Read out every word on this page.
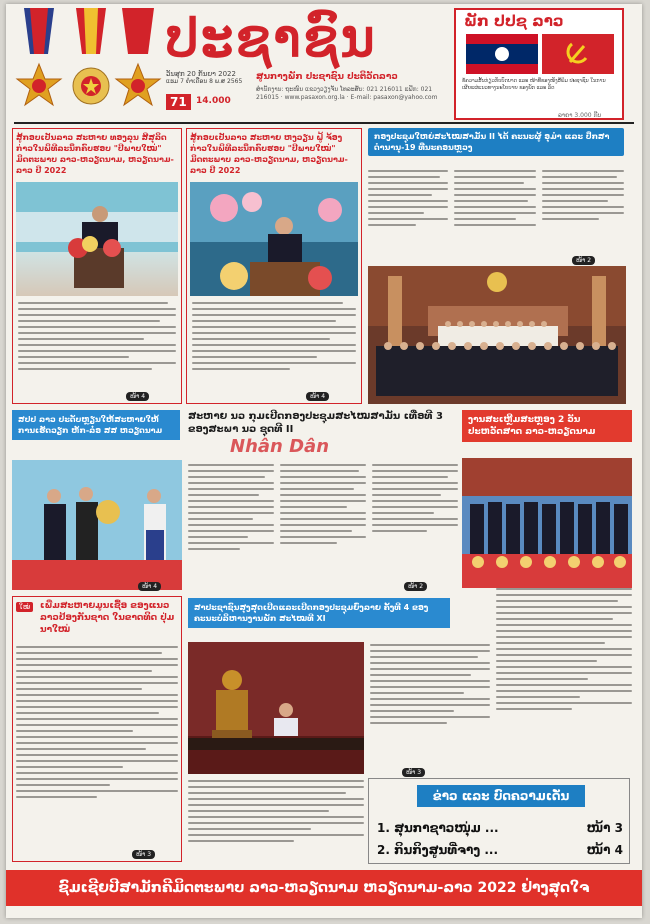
ປະຊາຊົນ
ວັນສຸກ 20 ກັນຍາ 2022
ແຮມ 7 ຄ່ຳເດືອນ 8 ພ.ສ 2565
71	14.000
ສູນກາງພັກ ປະຊາຊົນ ປະຕິວັດລາວ
ສຳນັກງານ: ຖະໜົນ ແຂວງວຽງຈັນ ໂທລະສັບ: 021 216011 ແຟັກ: 021 216015 · www.pasaxon.org.la · E-mail: pasaxon@yahoo.com
ພັກ ປປຊ ລາວ
ຂໍ້ຄວາມສັ້ນກ່ຽວກັບບົດບາດ ແລະ ໜ້າທີ່ຂອງໜັງສືພິມ ປະຊາຊົນ ໃນການເຜີຍແຜ່ແນວທາງນະໂຍບາຍ ຂອງພັກ ແລະ ລັດ
ລາຄາ 3.000 ກີບ
ສູ້ກອບເປັນລາວ ສະຫາຍ ທອງລຸນ ສີສຸລິດ ກ່າວໃນພິທີລະນຶກຄົບຮອບ "ປີພາບໃໝ່" ມິດຕະພາບ ລາວ-ຫວຽດນາມ, ຫວຽດນາມ-ລາວ ປີ 2022
ໜ້າ 4
ສູ້ກອບເປັນລາວ ສະຫາຍ ຫງວຽນ ຝູ້ ຈ້ອງ ກ່າວໃນພິທີລະນຶກຄົບຮອບ "ປີພາບໃໝ່" ມິດຕະພາບ ລາວ-ຫວຽດນາມ, ຫວຽດນາມ-ລາວ ປີ 2022
ໜ້າ 4
ກອງປະຊຸມໃຫຍ່ສະໄໝສາມັນ II ໄດ້ ຄະນະຜູ້ ອຸມໍາ ແລະ ປຶກສາດຳນານຸ-19 ທີ່ນະຄອນຫຼວງ
ໜ້າ 2
ສປປ ລາວ ປະດັບຫຼຽນໃຫ້ສະຫາຍໃຫ້ ການເຮັດວຽກ ຫັກ-ລ໋ອ ສສ ຫວຽດນາມ
ໜ້າ 4
ສະຫາຍ ນວ ກຸມເປີດກອງປະຊຸມສະໄໝສາມັນ ເທື່ອທີ 3 ຂອງສະພາ ນວ ຊຸດທີ II
Nhân Dân
ໜ້າ 2
ງານສະເຫຼີມສະຫຼອງ 2 ວັນ ປະຫວັດສາດ ລາວ-ຫວຽດນາມ
ໃໝ່	ເພີ່ມສະຫາຍມູນເຊື້ອ ຂອງແນວລາວປ້ອງກັນຊາດ ໃນຂາດທິດ ປຸ່ມນາໃໝ່
ໜ້າ 3
ສາປະຊາຊົນສຸງສຸດເປີດແລະເປີດກອງປະຊຸມຍົ່ງລາຍ ຄັ້ງທີ 4 ຂອງຄະນະບໍລິຫານງານພັກ ສະໄໝທີ XI
ໜ້າ 3
ຂ່າວ ແລະ ບົດຄວາມເດັ່ນ
1. ສຸນກາຊາວໜຸ່ມ ...	ໜ້າ 3
2. ກິນກິງສູນທີ່ຈາງ ...	ໜ້າ 4
ຊົມເຊີຍປີສາມັກຄີມິດຕະພາບ ລາວ-ຫວຽດນາມ ຫວຽດນາມ-ລາວ 2022 ຢ່າງສຸດໃຈ
